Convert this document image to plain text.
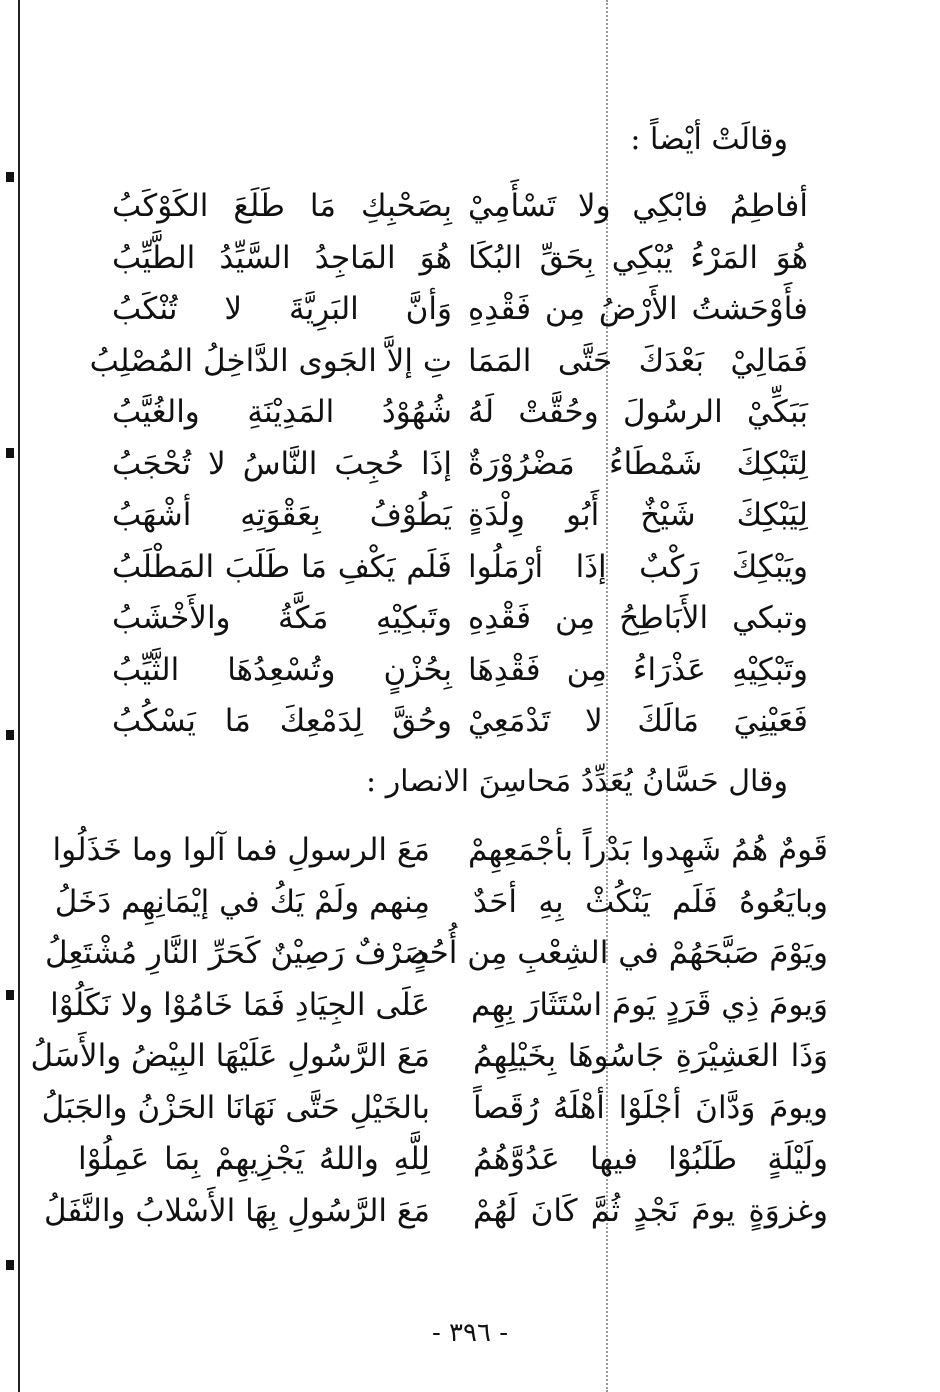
وقالَتْ أيْضاً :
أفاطِمُ فابْكِي ولا تَسْأَمِيْ
بِصَحْبِكِ مَا طَلَعَ الكَوْكَبُ
هُوَ المَرْءُ يُبْكِي بِحَقِّ البُكَا
هُوَ المَاجِدُ السَّيِّدُ الطَّيِّبُ
فأَوْحَشتُ الأَرْضُ مِن فَقْدِهِ
وَأنَّ البَرِيَّةَ لا تُنْكَبُ
فَمَالِيْ بَعْدَكَ حَتَّى المَمَا
تِ إلاَّ الجَوى الدَّاخِلُ المُصْلِبُ
بَبَكِّيْ الرسُولَ وحُقَّتْ لَهُ
شُهُوْدُ المَدِيْنَةِ والغُيَّبُ
لِتَبْكِكَ شَمْطَاءُ مَضْرُوْرَةٌ
إذَا حُجِبَ النَّاسُ لا تُحْجَبُ
لِيَبْكِكَ شَيْخٌ أَبُو وِلْدَةٍ
يَطُوْفُ بِعَقْوَتِهِ أشْهَبُ
ويَبْكِكَ رَكْبٌ إذَا أرْمَلُوا
فَلَم يَكْفِ مَا طَلَبَ المَطْلَبُ
وتبكي الأَبَاطِحُ مِن فَقْدِهِ
وتَبكِيْهِ مَكَّةُ والأَخْشَبُ
وتَبْكِيْهِ عَذْرَاءُ مِن فَقْدِهَا
بِحُزْنٍ وتُسْعِدُهَا الثَّيِّبُ
فَعَيْنِيَ مَالَكَ لا تَدْمَعِيْ
وحُقَّ لِدَمْعِكَ مَا يَسْكُبُ
وقال حَسَّانُ يُعَدِّدُ مَحاسِنَ الانصار :
قَومٌ هُمُ شَهِدوا بَدْراً بأجْمَعِهِمْ
مَعَ الرسولِ فما آلوا وما خَذَلُوا
وبايَعُوهُ فَلَم يَنْكُثْ بِهِ أحَدٌ
مِنهم ولَمْ يَكُ في إيْمَانِهِم دَخَلُ
ويَوْمَ صَبَّحَهُمْ في الشِعْبِ مِن أُحُدٍ
صَرْفٌ رَصِيْنٌ كَحَرِّ النَّارِ مُشْتَعِلُ
وَيومَ ذِي قَرَدٍ يَومَ اسْتَثَارَ بِهِم
عَلَى الجِيَادِ فَمَا خَامُوْا ولا نَكَلُوْا
وَذَا العَشِيْرَةِ جَاسُوهَا بِخَيْلِهِمُ
مَعَ الرَّسُولِ عَلَيْهَا البِيْضُ والأَسَلُ
ويومَ وَدَّانَ أجْلَوْا أهْلَهُ رُقَصاً
بالخَيْلِ حَتَّى نَهَانَا الحَزْنُ والجَبَلُ
ولَيْلَةٍ طَلَبُوْا فيها عَدُوَّهُمُ
لِلَّهِ واللهُ يَجْزِيهِمْ بِمَا عَمِلُوْا
وغزوَةٍ يومَ نَجْدٍ ثُمَّ كَانَ لَهُمْ
مَعَ الرَّسُولِ بِهَا الأَسْلابُ والنَّفَلُ
- ٣٩٦ -
